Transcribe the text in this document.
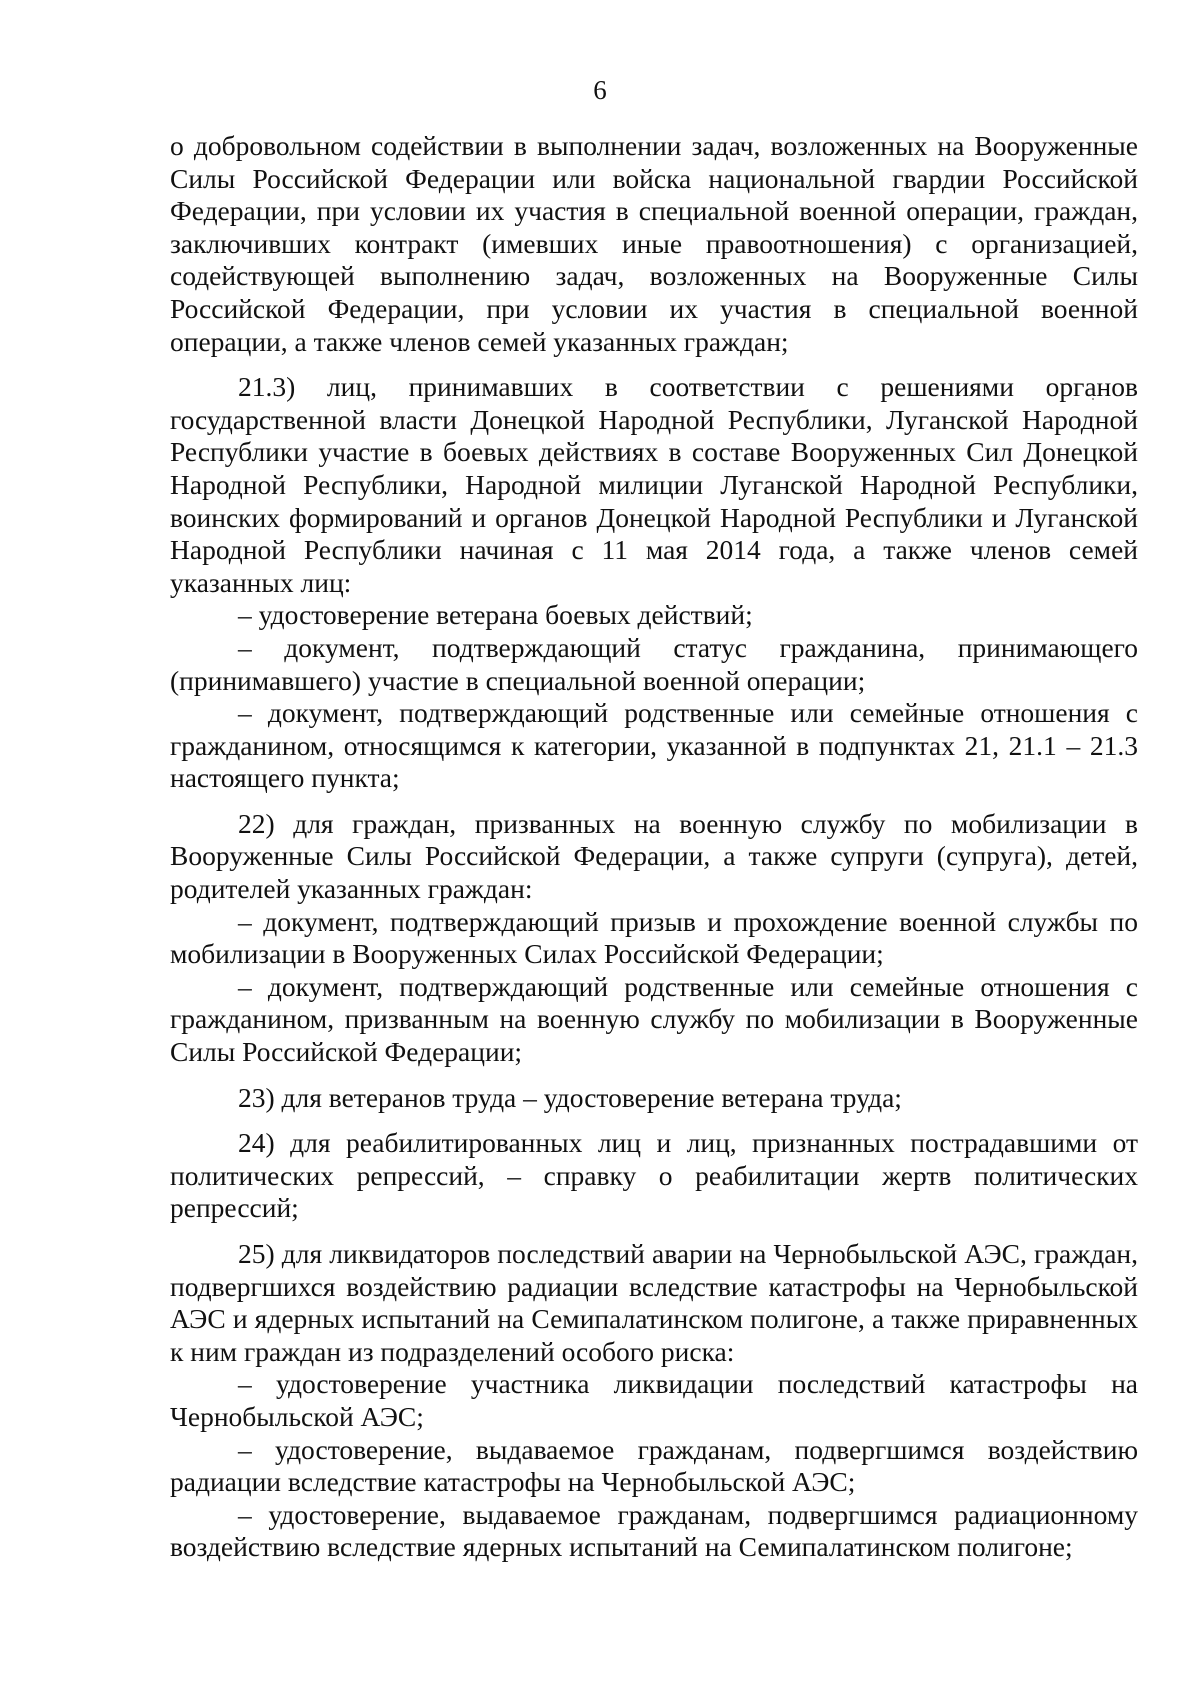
6

о добровольном содействии в выполнении задач, возложенных на Вооруженные Силы Российской Федерации или войска национальной гвардии Российской Федерации, при условии их участия в специальной военной операции, граждан, заключивших контракт (имевших иные правоотношения) с организацией, содействующей выполнению задач, возложенных на Вооруженные Силы Российской Федерации, при условии их участия в специальной военной операции, а также членов семей указанных граждан;

21.3) лиц, принимавших в соответствии с решениями органов государственной власти Донецкой Народной Республики, Луганской Народной Республики участие в боевых действиях в составе Вооруженных Сил Донецкой Народной Республики, Народной милиции Луганской Народной Республики, воинских формирований и органов Донецкой Народной Республики и Луганской Народной Республики начиная с 11 мая 2014 года, а также членов семей указанных лиц:

– удостоверение ветерана боевых действий;

– документ, подтверждающий статус гражданина, принимающего (принимавшего) участие в специальной военной операции;

– документ, подтверждающий родственные или семейные отношения с гражданином, относящимся к категории, указанной в подпунктах 21, 21.1 – 21.3 настоящего пункта;

22) для граждан, призванных на военную службу по мобилизации в Вооруженные Силы Российской Федерации, а также супруги (супруга), детей, родителей указанных граждан:

– документ, подтверждающий призыв и прохождение военной службы по мобилизации в Вооруженных Силах Российской Федерации;

– документ, подтверждающий родственные или семейные отношения с гражданином, призванным на военную службу по мобилизации в Вооруженные Силы Российской Федерации;

23) для ветеранов труда – удостоверение ветерана труда;

24) для реабилитированных лиц и лиц, признанных пострадавшими от политических репрессий, – справку о реабилитации жертв политических репрессий;

25) для ликвидаторов последствий аварии на Чернобыльской АЭС, граждан, подвергшихся воздействию радиации вследствие катастрофы на Чернобыльской АЭС и ядерных испытаний на Семипалатинском полигоне, а также приравненных к ним граждан из подразделений особого риска:

– удостоверение участника ликвидации последствий катастрофы на Чернобыльской АЭС;

– удостоверение, выдаваемое гражданам, подвергшимся воздействию радиации вследствие катастрофы на Чернобыльской АЭС;

– удостоверение, выдаваемое гражданам, подвергшимся радиационному воздействию вследствие ядерных испытаний на Семипалатинском полигоне;
